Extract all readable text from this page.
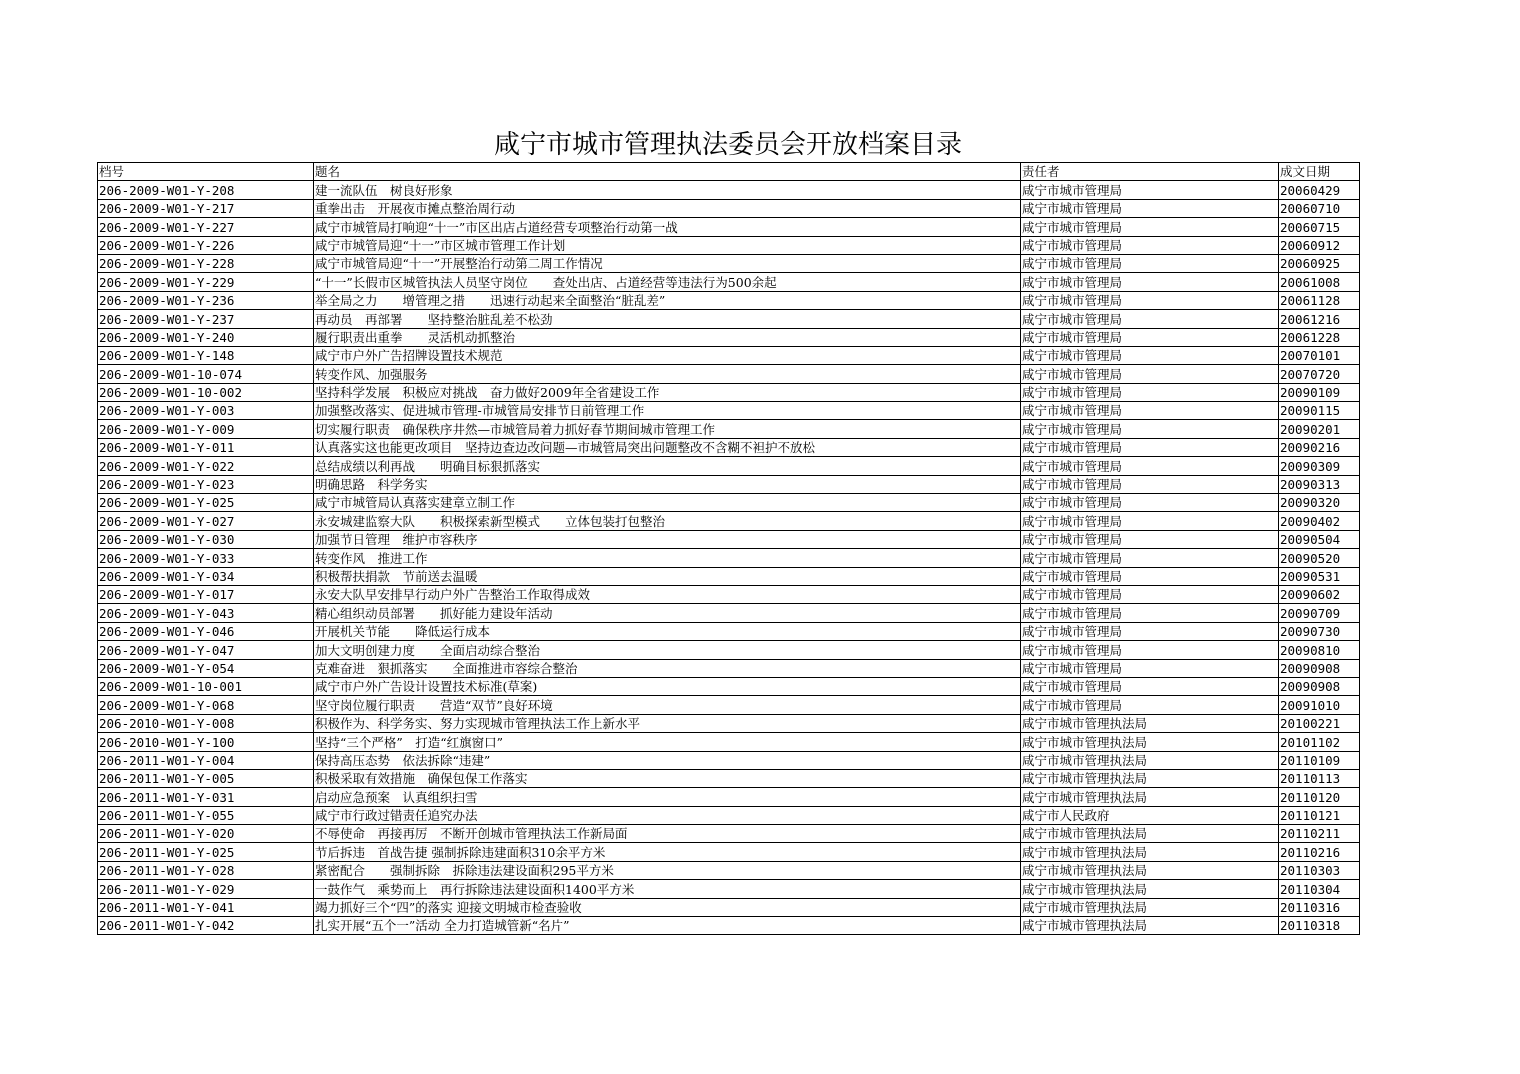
咸宁市城市管理执法委员会开放档案目录
档号	题名	责任者	成文日期
206-2009-W01-Y-208	建一流队伍　树良好形象	咸宁市城市管理局	20060429
206-2009-W01-Y-217	重拳出击　开展夜市摊点整治周行动	咸宁市城市管理局	20060710
206-2009-W01-Y-227	咸宁市城管局打响迎“十一”市区出店占道经营专项整治行动第一战	咸宁市城市管理局	20060715
206-2009-W01-Y-226	咸宁市城管局迎“十一”市区城市管理工作计划	咸宁市城市管理局	20060912
206-2009-W01-Y-228	咸宁市城管局迎“十一”开展整治行动第二周工作情况	咸宁市城市管理局	20060925
206-2009-W01-Y-229	“十一”长假市区城管执法人员坚守岗位　　查处出店、占道经营等违法行为500余起	咸宁市城市管理局	20061008
206-2009-W01-Y-236	举全局之力　　增管理之措　　迅速行动起来全面整治“脏乱差”	咸宁市城市管理局	20061128
206-2009-W01-Y-237	再动员　再部署　　坚持整治脏乱差不松劲	咸宁市城市管理局	20061216
206-2009-W01-Y-240	履行职责出重拳　　灵活机动抓整治	咸宁市城市管理局	20061228
206-2009-W01-Y-148	咸宁市户外广告招牌设置技术规范	咸宁市城市管理局	20070101
206-2009-W01-10-074	转变作风、加强服务	咸宁市城市管理局	20070720
206-2009-W01-10-002	坚持科学发展　积极应对挑战　奋力做好2009年全省建设工作	咸宁市城市管理局	20090109
206-2009-W01-Y-003	加强整改落实、促进城市管理-市城管局安排节日前管理工作	咸宁市城市管理局	20090115
206-2009-W01-Y-009	切实履行职责　确保秩序井然—市城管局着力抓好春节期间城市管理工作	咸宁市城市管理局	20090201
206-2009-W01-Y-011	认真落实这也能更改项目　坚持边查边改问题—市城管局突出问题整改不含糊不袒护不放松	咸宁市城市管理局	20090216
206-2009-W01-Y-022	总结成绩以利再战　　明确目标狠抓落实	咸宁市城市管理局	20090309
206-2009-W01-Y-023	明确思路　科学务实	咸宁市城市管理局	20090313
206-2009-W01-Y-025	咸宁市城管局认真落实建章立制工作	咸宁市城市管理局	20090320
206-2009-W01-Y-027	永安城建监察大队　　积极探索新型模式　　立体包装打包整治	咸宁市城市管理局	20090402
206-2009-W01-Y-030	加强节日管理　维护市容秩序	咸宁市城市管理局	20090504
206-2009-W01-Y-033	转变作风　推进工作	咸宁市城市管理局	20090520
206-2009-W01-Y-034	积极帮扶捐款　节前送去温暖	咸宁市城市管理局	20090531
206-2009-W01-Y-017	永安大队早安排早行动户外广告整治工作取得成效	咸宁市城市管理局	20090602
206-2009-W01-Y-043	精心组织动员部署　　抓好能力建设年活动	咸宁市城市管理局	20090709
206-2009-W01-Y-046	开展机关节能　　降低运行成本	咸宁市城市管理局	20090730
206-2009-W01-Y-047	加大文明创建力度　　全面启动综合整治	咸宁市城市管理局	20090810
206-2009-W01-Y-054	克难奋进　狠抓落实　　全面推进市容综合整治	咸宁市城市管理局	20090908
206-2009-W01-10-001	咸宁市户外广告设计设置技术标准(草案)	咸宁市城市管理局	20090908
206-2009-W01-Y-068	坚守岗位履行职责　　营造“双节”良好环境	咸宁市城市管理局	20091010
206-2010-W01-Y-008	积极作为、科学务实、努力实现城市管理执法工作上新水平	咸宁市城市管理执法局	20100221
206-2010-W01-Y-100	坚持“三个严格”　打造“红旗窗口”	咸宁市城市管理执法局	20101102
206-2011-W01-Y-004	保持高压态势　依法拆除“违建”	咸宁市城市管理执法局	20110109
206-2011-W01-Y-005	积极采取有效措施　确保包保工作落实	咸宁市城市管理执法局	20110113
206-2011-W01-Y-031	启动应急预案　认真组织扫雪	咸宁市城市管理执法局	20110120
206-2011-W01-Y-055	咸宁市行政过错责任追究办法	咸宁市人民政府	20110121
206-2011-W01-Y-020	不辱使命　再接再厉　不断开创城市管理执法工作新局面	咸宁市城市管理执法局	20110211
206-2011-W01-Y-025	节后拆违　首战告捷 强制拆除违建面积310余平方米	咸宁市城市管理执法局	20110216
206-2011-W01-Y-028	紧密配合　　强制拆除　拆除违法建设面积295平方米	咸宁市城市管理执法局	20110303
206-2011-W01-Y-029	一鼓作气　乘势而上　再行拆除违法建设面积1400平方米	咸宁市城市管理执法局	20110304
206-2011-W01-Y-041	竭力抓好三个“四”的落实 迎接文明城市检查验收	咸宁市城市管理执法局	20110316
206-2011-W01-Y-042	扎实开展“五个一”活动 全力打造城管新“名片”	咸宁市城市管理执法局	20110318
